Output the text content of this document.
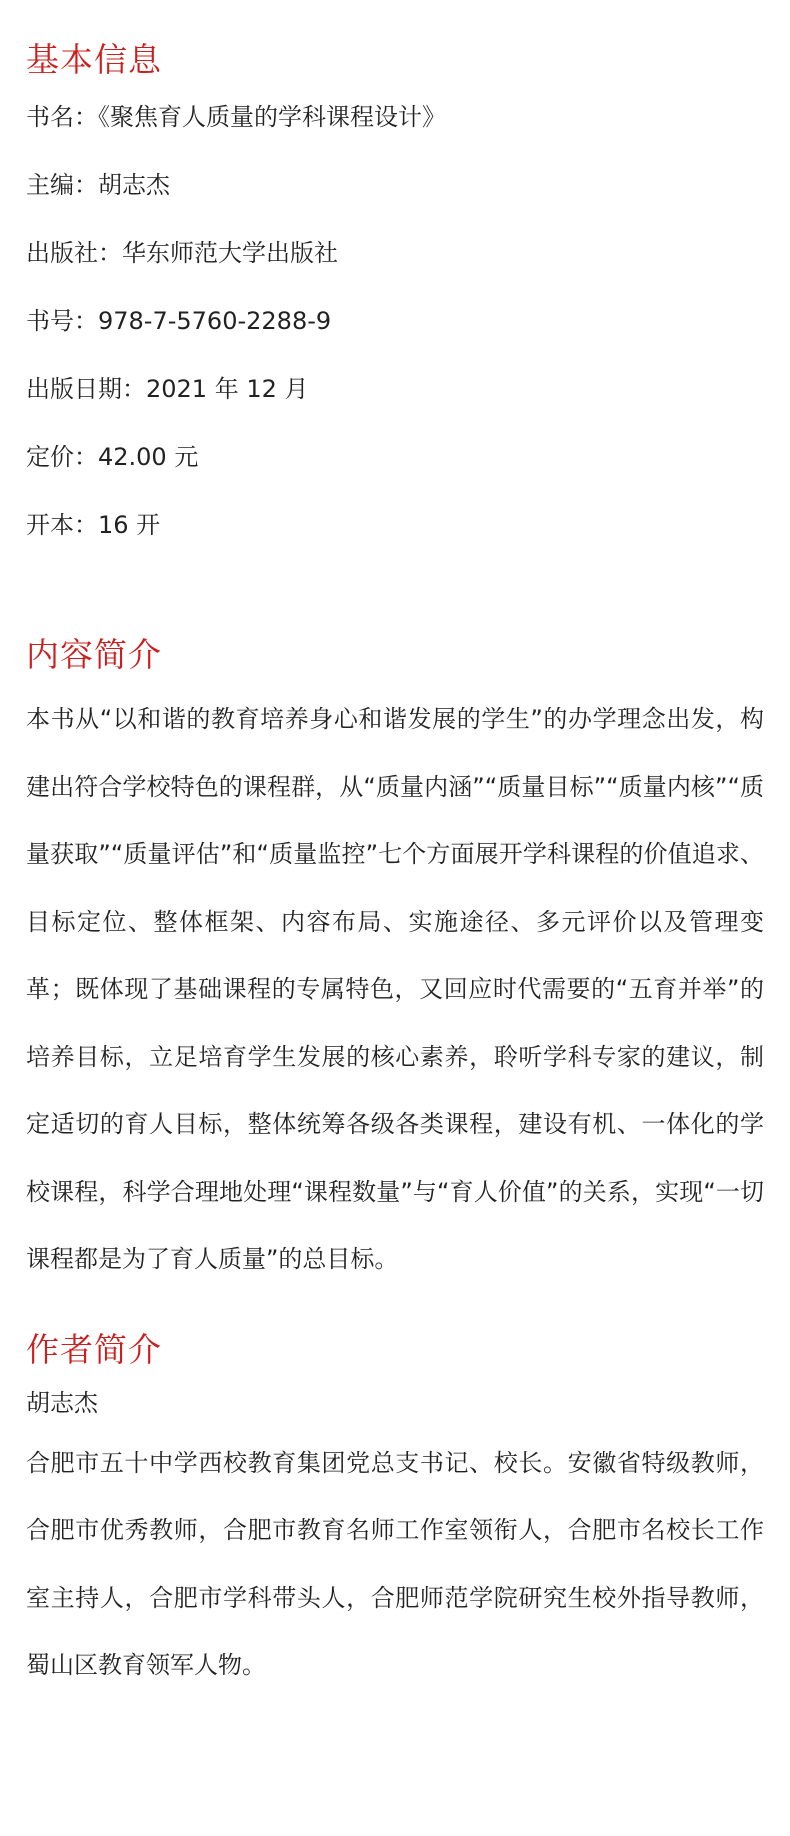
基本信息
书名：《聚焦育人质量的学科课程设计》
主编：胡志杰
出版社：华东师范大学出版社
书号：978-7-5760-2288-9
出版日期：2021 年 12 月
定价：42.00 元
开本：16 开
内容简介

本书从“以和谐的教育培养身心和谐发展的学生”的办学理念出发，构建出符合学校特色的课程群，从“质量内涵”“质量目标”“质量内核”“质量获取”“质量评估”和“质量监控”七个方面展开学科课程的价值追求、目标定位、整体框架、内容布局、实施途径、多元评价以及管理变革；既体现了基础课程的专属特色，又回应时代需要的“五育并举”的培养目标，立足培育学生发展的核心素养，聆听学科专家的建议，制定适切的育人目标，整体统筹各级各类课程，建设有机、一体化的学校课程，科学合理地处理“课程数量”与“育人价值”的关系，实现“一切课程都是为了育人质量”的总目标。

作者简介

胡志杰

合肥市五十中学西校教育集团党总支书记、校长。安徽省特级教师，合肥市优秀教师，合肥市教育名师工作室领衔人，合肥市名校长工作室主持人，合肥市学科带头人，合肥师范学院研究生校外指导教师，蜀山区教育领军人物。
